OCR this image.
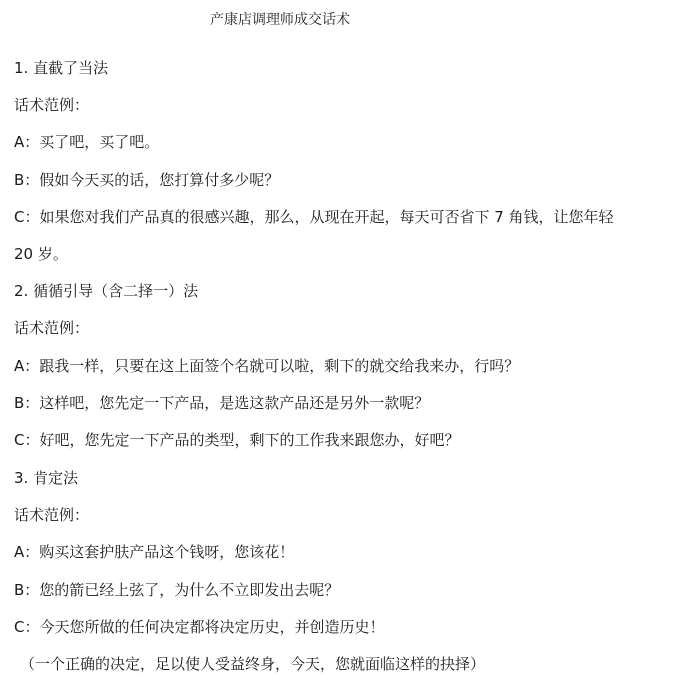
产康店调理师成交话术
1. 直截了当法
话术范例：
A：买了吧，买了吧。
B：假如今天买的话，您打算付多少呢？
C：如果您对我们产品真的很感兴趣，那么，从现在开起，每天可否省下 7 角钱，让您年轻
20 岁。
2. 循循引导（含二择一）法
话术范例：
A：跟我一样，只要在这上面签个名就可以啦，剩下的就交给我来办，行吗？
B：这样吧，您先定一下产品，是选这款产品还是另外一款呢？
C：好吧，您先定一下产品的类型，剩下的工作我来跟您办，好吧？
3. 肯定法
话术范例：
A：购买这套护肤产品这个钱呀，您该花！
B：您的箭已经上弦了，为什么不立即发出去呢？
C：今天您所做的任何决定都将决定历史，并创造历史！
（一个正确的决定，足以使人受益终身，今天，您就面临这样的抉择）
